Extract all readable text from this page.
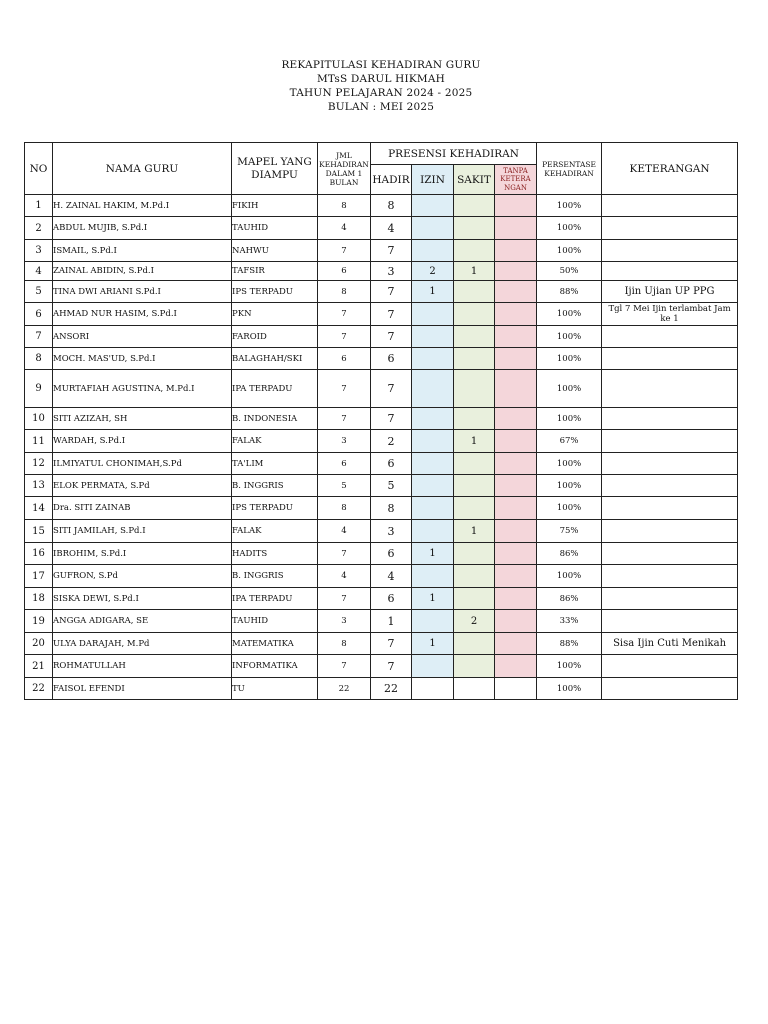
REKAPITULASI KEHADIRAN GURU
MTsS DARUL HIKMAH
TAHUN PELAJARAN 2024 - 2025
BULAN : MEI 2025
NO	NAMA GURU	MAPEL YANG DIAMPU	JML KEHADIRAN DALAM 1 BULAN	PRESENSI KEHADIRAN				PERSENTASE KEHADIRAN	KETERANGAN
				HADIR	IZIN	SAKIT	TANPA KETERA NGAN		
1	H. ZAINAL HAKIM, M.Pd.I	FIKIH	8	8				100%	
2	ABDUL MUJIB, S.Pd.I	TAUHID	4	4				100%	
3	ISMAIL, S.Pd.I	NAHWU	7	7				100%	
4	ZAINAL ABIDIN, S.Pd.I	TAFSIR	6	3	2	1		50%	
5	TINA DWI ARIANI S.Pd.I	IPS TERPADU	8	7	1			88%	Ijin Ujian UP PPG
6	AHMAD NUR HASIM, S.Pd.I	PKN	7	7				100%	Tgl 7 Mei Ijin terlambat Jam ke 1
7	ANSORI	FAROID	7	7				100%	
8	MOCH. MAS'UD, S.Pd.I	BALAGHAH/SKI	6	6				100%	
9	MURTAFIAH AGUSTINA, M.Pd.I	IPA TERPADU	7	7				100%	
10	SITI AZIZAH, SH	B. INDONESIA	7	7				100%	
11	WARDAH, S.Pd.I	FALAK	3	2		1		67%	
12	ILMIYATUL CHONIMAH,S.Pd	TA'LIM	6	6				100%	
13	ELOK PERMATA, S.Pd	B. INGGRIS	5	5				100%	
14	Dra. SITI ZAINAB	IPS TERPADU	8	8				100%	
15	SITI JAMILAH, S.Pd.I	FALAK	4	3		1		75%	
16	IBROHIM, S.Pd.I	HADITS	7	6	1			86%	
17	GUFRON, S.Pd	B. INGGRIS	4	4				100%	
18	SISKA DEWI, S.Pd.I	IPA TERPADU	7	6	1			86%	
19	ANGGA ADIGARA, SE	TAUHID	3	1		2		33%	
20	ULYA DARAJAH, M.Pd	MATEMATIKA	8	7	1			88%	Sisa Ijin Cuti Menikah
21	ROHMATULLAH	INFORMATIKA	7	7				100%	
22	FAISOL EFENDI	TU	22	22				100%	
